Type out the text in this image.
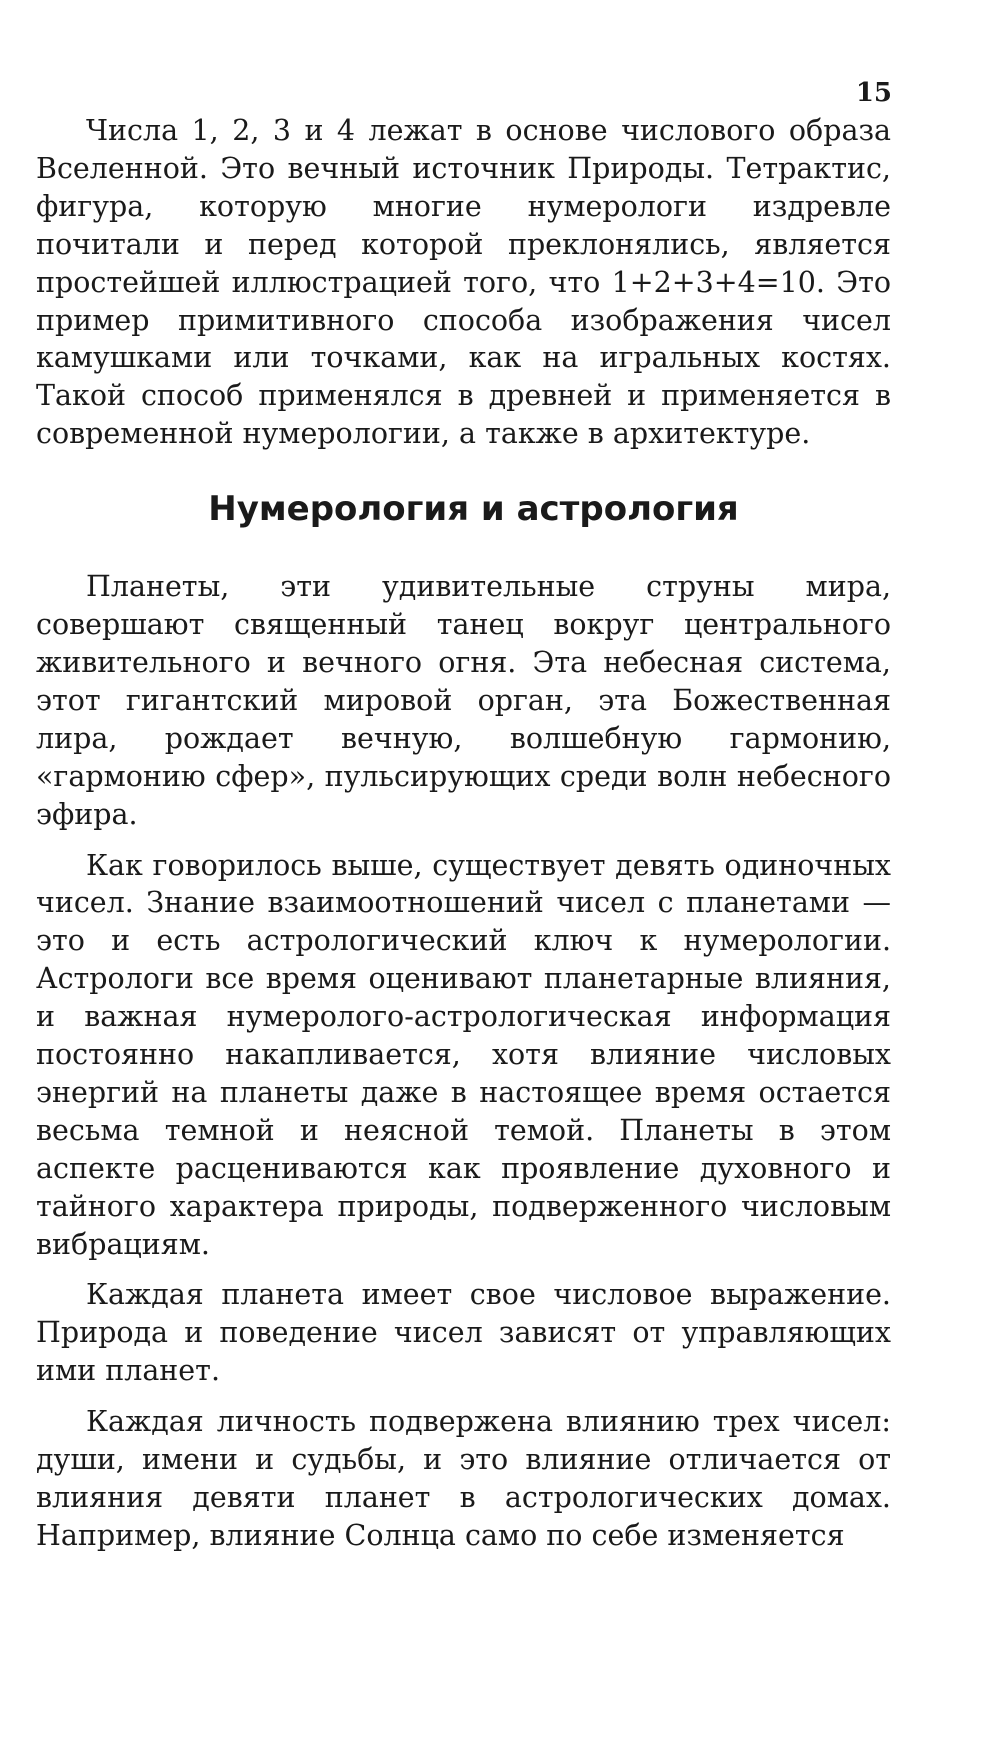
15

Числа 1, 2, 3 и 4 лежат в основе числового образа Вселенной. Это вечный источник Природы. Тетрактис, фигура, которую многие нумерологи издревле почитали и перед которой преклонялись, является простейшей иллюстрацией того, что 1+2+3+4=10. Это пример примитивного способа изображения чисел камушками или точками, как на игральных костях. Такой способ применялся в древней и применяется в современной нумерологии, а также в архитектуре.

Нумерология и астрология

Планеты, эти удивительные струны мира, совершают священный танец вокруг центрального живительного и вечного огня. Эта небесная система, этот гигантский мировой орган, эта Божественная лира, рождает вечную, волшебную гармонию, «гармонию сфер», пульсирующих среди волн небесного эфира.

Как говорилось выше, существует девять одиночных чисел. Знание взаимоотношений чисел с планетами — это и есть астрологический ключ к нумерологии. Астрологи все время оценивают планетарные влияния, и важная нумеролого-астрологическая информация постоянно накапливается, хотя влияние числовых энергий на планеты даже в настоящее время остается весьма темной и неясной темой. Планеты в этом аспекте расцениваются как проявление духовного и тайного характера природы, подверженного числовым вибрациям.

Каждая планета имеет свое числовое выражение. Природа и поведение чисел зависят от управляющих ими планет.

Каждая личность подвержена влиянию трех чисел: души, имени и судьбы, и это влияние отличается от влияния девяти планет в астрологических домах. Например, влияние Солнца само по себе изменяется
